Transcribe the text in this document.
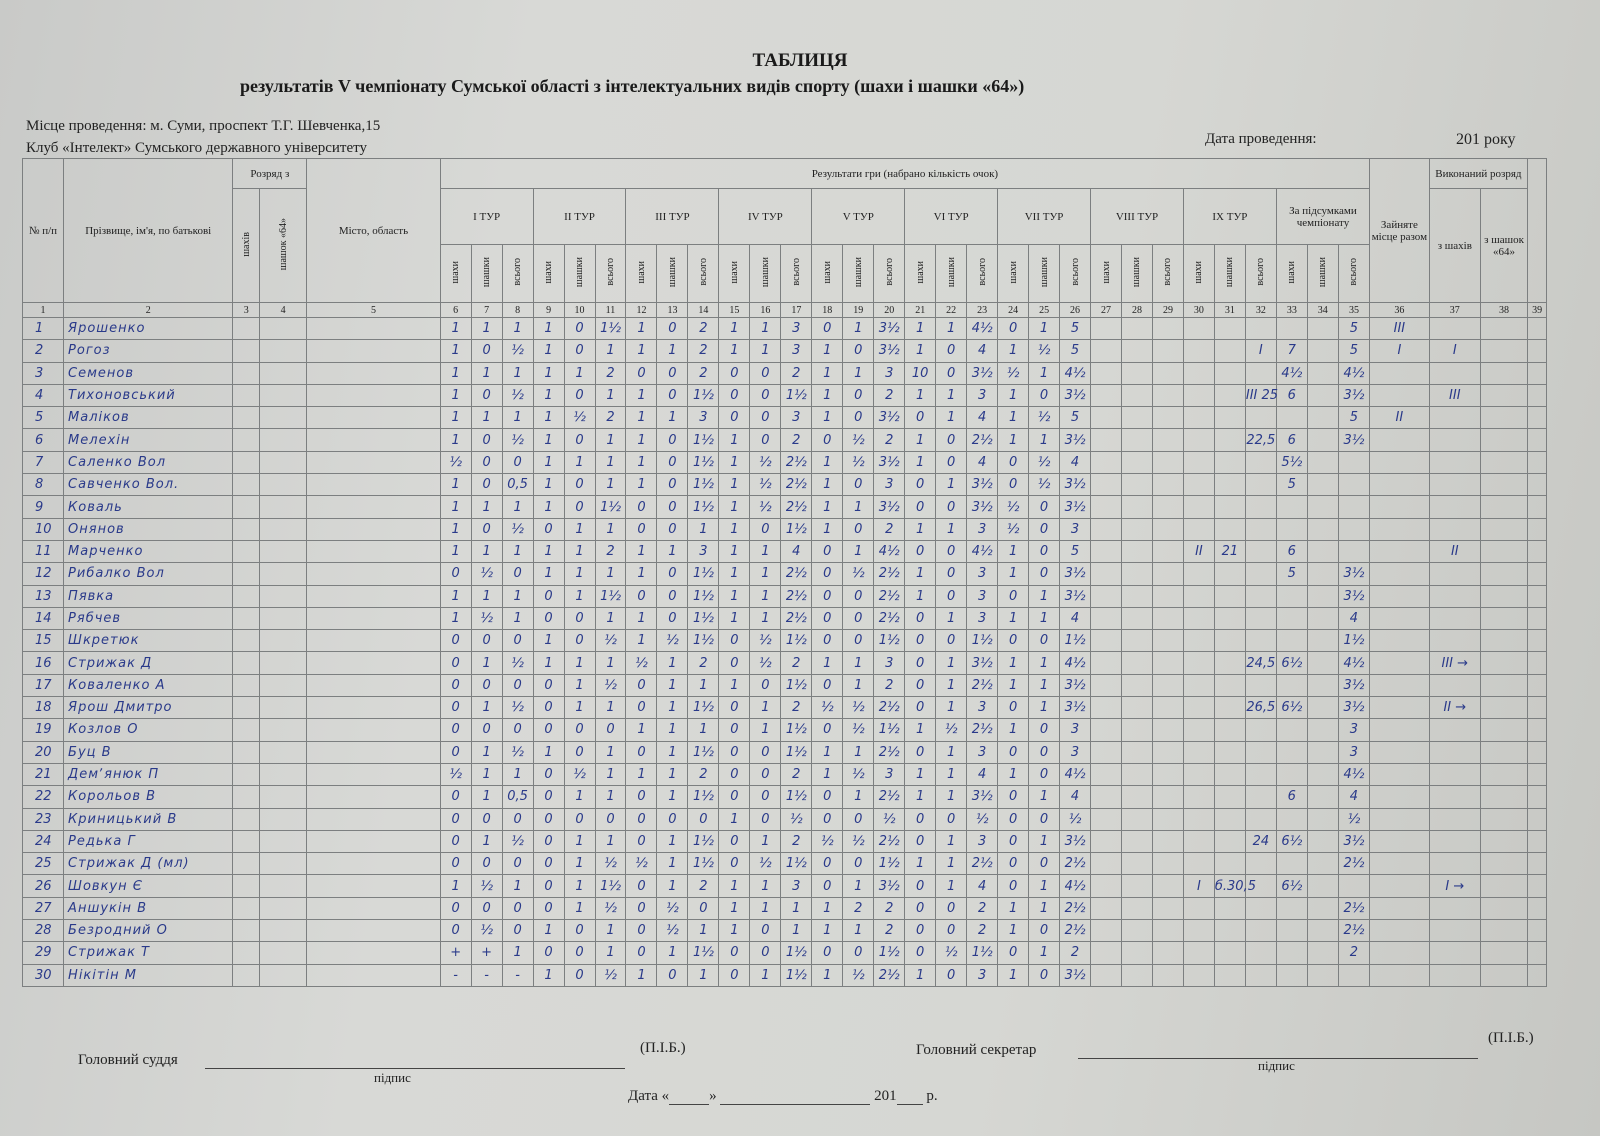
ТАБЛИЦЯ
результатів V чемпіонату Сумської області з інтелектуальних видів спорту (шахи і шашки «64»)
Місце проведення: м. Суми, проспект Т.Г. Шевченка,15
Клуб «Інтелект» Сумського державного університету
Дата проведення:	201 року
№ п/п	Прізвище, ім'я, по батькові	Розряд з		Місто, область	Результати гри (набрано кількість очок)																														Зайняте місце разом	Виконаний розряд		
		шахів	шашок «64»		І ТУР			ІІ ТУР			ІІІ ТУР			ІV ТУР			V ТУР			VІ ТУР			VІІ ТУР			VІІІ ТУР			ІХ ТУР			За підсумками чемпіонату				з шахів	з шашок «64»	
					шахи	шашки	всього	шахи	шашки	всього	шахи	шашки	всього	шахи	шашки	всього	шахи	шашки	всього	шахи	шашки	всього	шахи	шашки	всього	шахи	шашки	всього	шахи	шашки	всього	шахи	шашки	всього				
1	2	3	4	5	6	7	8	9	10	11	12	13	14	15	16	17	18	19	20	21	22	23	24	25	26	27	28	29	30	31	32	33	34	35	36	37	38	39
1	Ярошенко				1	1	1	1	0	1½	1	0	2	1	1	3	0	1	3½	1	1	4½	0	1	5									5	ІІІ			
2	Рогоз				1	0	½	1	0	1	1	1	2	1	1	3	1	0	3½	1	0	4	1	½	5						І	7		5	І	І		
3	Семенов				1	1	1	1	1	2	0	0	2	0	0	2	1	1	3	10	0	3½	½	1	4½							4½		4½				
4	Тихоновський				1	0	½	1	0	1	1	0	1½	0	0	1½	1	0	2	1	1	3	1	0	3½						ІІІ 25	6		3½		ІІІ		
5	Маліков				1	1	1	1	½	2	1	1	3	0	0	3	1	0	3½	0	1	4	1	½	5									5	ІІ			
6	Мелехін				1	0	½	1	0	1	1	0	1½	1	0	2	0	½	2	1	0	2½	1	1	3½						22,5	6		3½				
7	Саленко Вол				½	0	0	1	1	1	1	0	1½	1	½	2½	1	½	3½	1	0	4	0	½	4							5½						
8	Савченко Вол.				1	0	0,5	1	0	1	1	0	1½	1	½	2½	1	0	3	0	1	3½	0	½	3½							5						
9	Коваль				1	1	1	1	0	1½	0	0	1½	1	½	2½	1	1	3½	0	0	3½	½	0	3½													
10	Онянов				1	0	½	0	1	1	0	0	1	1	0	1½	1	0	2	1	1	3	½	0	3													
11	Марченко				1	1	1	1	1	2	1	1	3	1	1	4	0	1	4½	0	0	4½	1	0	5				ІІ	21		6				ІІ		
12	Рибалко Вол				0	½	0	1	1	1	1	0	1½	1	1	2½	0	½	2½	1	0	3	1	0	3½							5		3½				
13	Пявка				1	1	1	0	1	1½	0	0	1½	1	1	2½	0	0	2½	1	0	3	0	1	3½									3½				
14	Рябчев				1	½	1	0	0	1	1	0	1½	1	1	2½	0	0	2½	0	1	3	1	1	4									4				
15	Шкретюк				0	0	0	1	0	½	1	½	1½	0	½	1½	0	0	1½	0	0	1½	0	0	1½									1½				
16	Стрижак Д				0	1	½	1	1	1	½	1	2	0	½	2	1	1	3	0	1	3½	1	1	4½						24,5	6½		4½		ІІІ →		
17	Коваленко А				0	0	0	0	1	½	0	1	1	1	0	1½	0	1	2	0	1	2½	1	1	3½									3½				
18	Ярош Дмитро				0	1	½	0	1	1	0	1	1½	0	1	2	½	½	2½	0	1	3	0	1	3½						26,5	6½		3½		ІІ →		
19	Козлов О				0	0	0	0	0	0	1	1	1	0	1	1½	0	½	1½	1	½	2½	1	0	3									3				
20	Буц В				0	1	½	1	0	1	0	1	1½	0	0	1½	1	1	2½	0	1	3	0	0	3									3				
21	Демʼянюк П				½	1	1	0	½	1	1	1	2	0	0	2	1	½	3	1	1	4	1	0	4½									4½				
22	Корольов В				0	1	0,5	0	1	1	0	1	1½	0	0	1½	0	1	2½	1	1	3½	0	1	4							6		4				
23	Криницький В				0	0	0	0	0	0	0	0	0	1	0	½	0	0	½	0	0	½	0	0	½									½				
24	Редька Г				0	1	½	0	1	1	0	1	1½	0	1	2	½	½	2½	0	1	3	0	1	3½						24	6½		3½				
25	Стрижак Д (мл)				0	0	0	0	1	½	½	1	1½	0	½	1½	0	0	1½	1	1	2½	0	0	2½									2½				
26	Шовкун Є				1	½	1	0	1	1½	0	1	2	1	1	3	0	1	3½	0	1	4	0	1	4½				І	б.30,5		6½				І →		
27	Аншукін В				0	0	0	0	1	½	0	½	0	1	1	1	1	2	2	0	0	2	1	1	2½									2½				
28	Безродний О				0	½	0	1	0	1	0	½	1	1	0	1	1	1	2	0	0	2	1	0	2½									2½				
29	Стрижак Т				+	+	1	0	0	1	0	1	1½	0	0	1½	0	0	1½	0	½	1½	0	1	2									2				
30	Нікітін М				-	-	-	1	0	½	1	0	1	0	1	1½	1	½	2½	1	0	3	1	0	3½													
Головний суддя
(П.І.Б.)	Головний секретар
(П.І.Б.)
підпис
підпис
Дата «	»	201 р.
